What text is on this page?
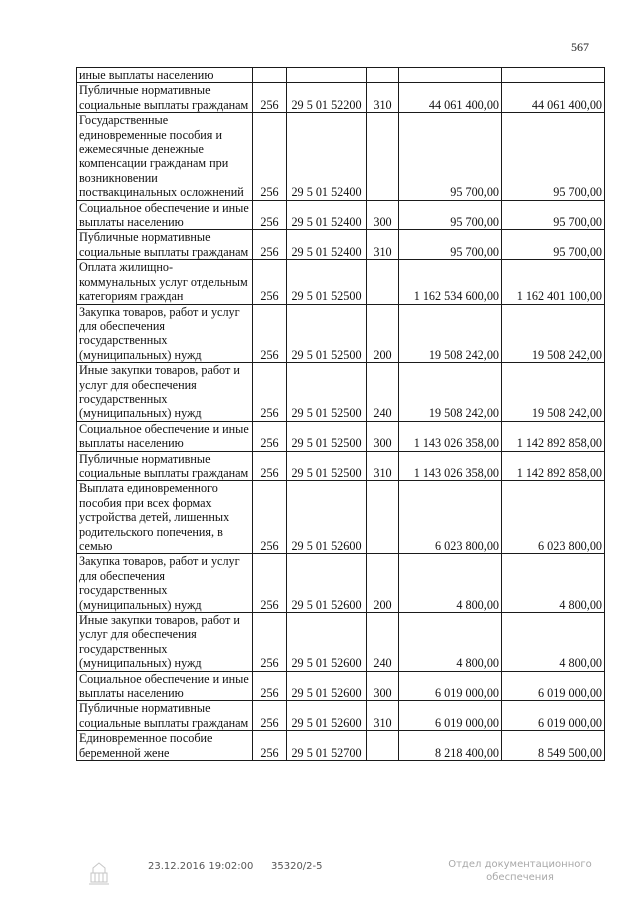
567
иные выплаты населению					
Публичные нормативные социальные выплаты гражданам	256	29 5 01 52200	310	44 061 400,00	44 061 400,00
Государственные единовременные пособия и ежемесячные денежные компенсации гражданам при возникновении поствакцинальных осложнений	256	29 5 01 52400		95 700,00	95 700,00
Социальное обеспечение и иные выплаты населению	256	29 5 01 52400	300	95 700,00	95 700,00
Публичные нормативные социальные выплаты гражданам	256	29 5 01 52400	310	95 700,00	95 700,00
Оплата жилищно-коммунальных услуг отдельным категориям граждан	256	29 5 01 52500		1 162 534 600,00	1 162 401 100,00
Закупка товаров, работ и услуг для обеспечения государственных (муниципальных) нужд	256	29 5 01 52500	200	19 508 242,00	19 508 242,00
Иные закупки товаров, работ и услуг для обеспечения государственных (муниципальных) нужд	256	29 5 01 52500	240	19 508 242,00	19 508 242,00
Социальное обеспечение и иные выплаты населению	256	29 5 01 52500	300	1 143 026 358,00	1 142 892 858,00
Публичные нормативные социальные выплаты гражданам	256	29 5 01 52500	310	1 143 026 358,00	1 142 892 858,00
Выплата единовременного пособия при всех формах устройства детей, лишенных родительского попечения, в семью	256	29 5 01 52600		6 023 800,00	6 023 800,00
Закупка товаров, работ и услуг для обеспечения государственных (муниципальных) нужд	256	29 5 01 52600	200	4 800,00	4 800,00
Иные закупки товаров, работ и услуг для обеспечения государственных (муниципальных) нужд	256	29 5 01 52600	240	4 800,00	4 800,00
Социальное обеспечение и иные выплаты населению	256	29 5 01 52600	300	6 019 000,00	6 019 000,00
Публичные нормативные социальные выплаты гражданам	256	29 5 01 52600	310	6 019 000,00	6 019 000,00
Единовременное пособие беременной жене	256	29 5 01 52700		8 218 400,00	8 549 500,00
23.12.2016 19:02:00 35320/2-5	Отдел документационного обеспечения
